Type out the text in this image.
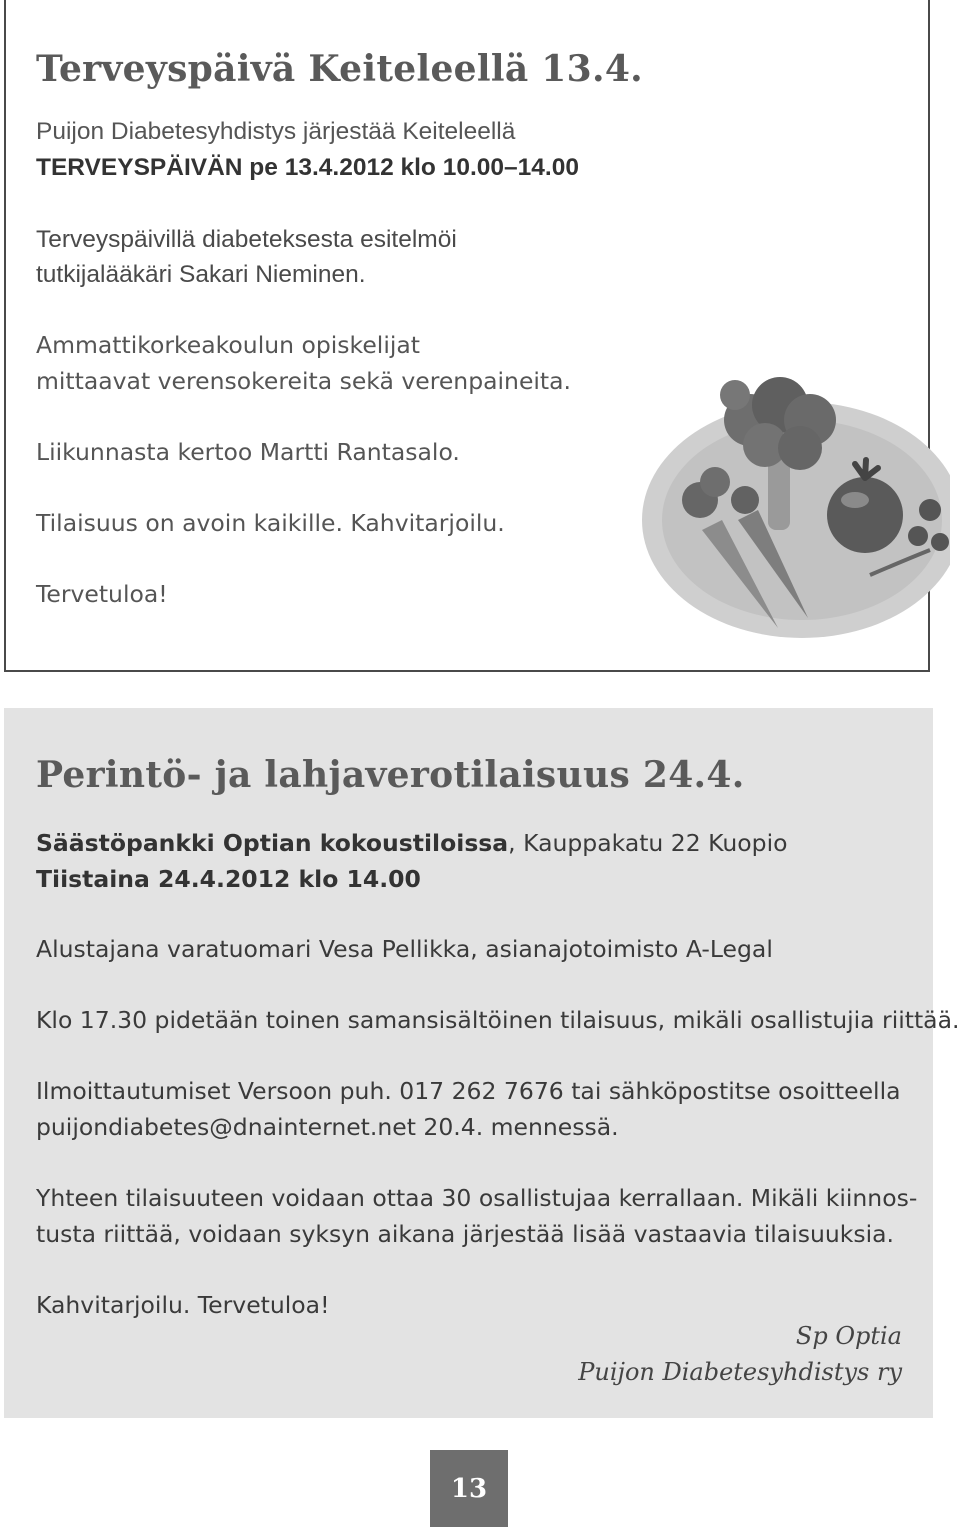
Terveyspäivä Keiteleellä 13.4.

Puijon Diabetesyhdistys järjestää Keiteleellä

TERVEYSPÄIVÄN pe 13.4.2012 klo 10.00–14.00

Terveyspäivillä diabeteksesta esitelmöi

tutkijalääkäri Sakari Nieminen.

Ammattikorkeakoulun opiskelijat

mittaavat verensokereita sekä verenpaineita.

Liikunnasta kertoo Martti Rantasalo.

Tilaisuus on avoin kaikille. Kahvitarjoilu.

Tervetuloa!

Perintö- ja lahjaverotilaisuus 24.4.

Säästöpankki Optian kokoustiloissa, Kauppakatu 22 Kuopio

Tiistaina 24.4.2012 klo 14.00

Alustajana varatuomari Vesa Pellikka, asianajotoimisto A-Legal

Klo 17.30 pidetään toinen samansisältöinen tilaisuus, mikäli osallistujia riittää.

Ilmoittautumiset Versoon puh. 017 262 7676 tai sähköpostitse osoitteella

puijondiabetes@dnainternet.net 20.4. mennessä.

Yhteen tilaisuuteen voidaan ottaa 30 osallistujaa kerrallaan. Mikäli kiinnos-

tusta riittää, voidaan syksyn aikana järjestää lisää vastaavia tilaisuuksia.

Kahvitarjoilu. Tervetuloa!

Sp Optia

Puijon Diabetesyhdistys ry

13
